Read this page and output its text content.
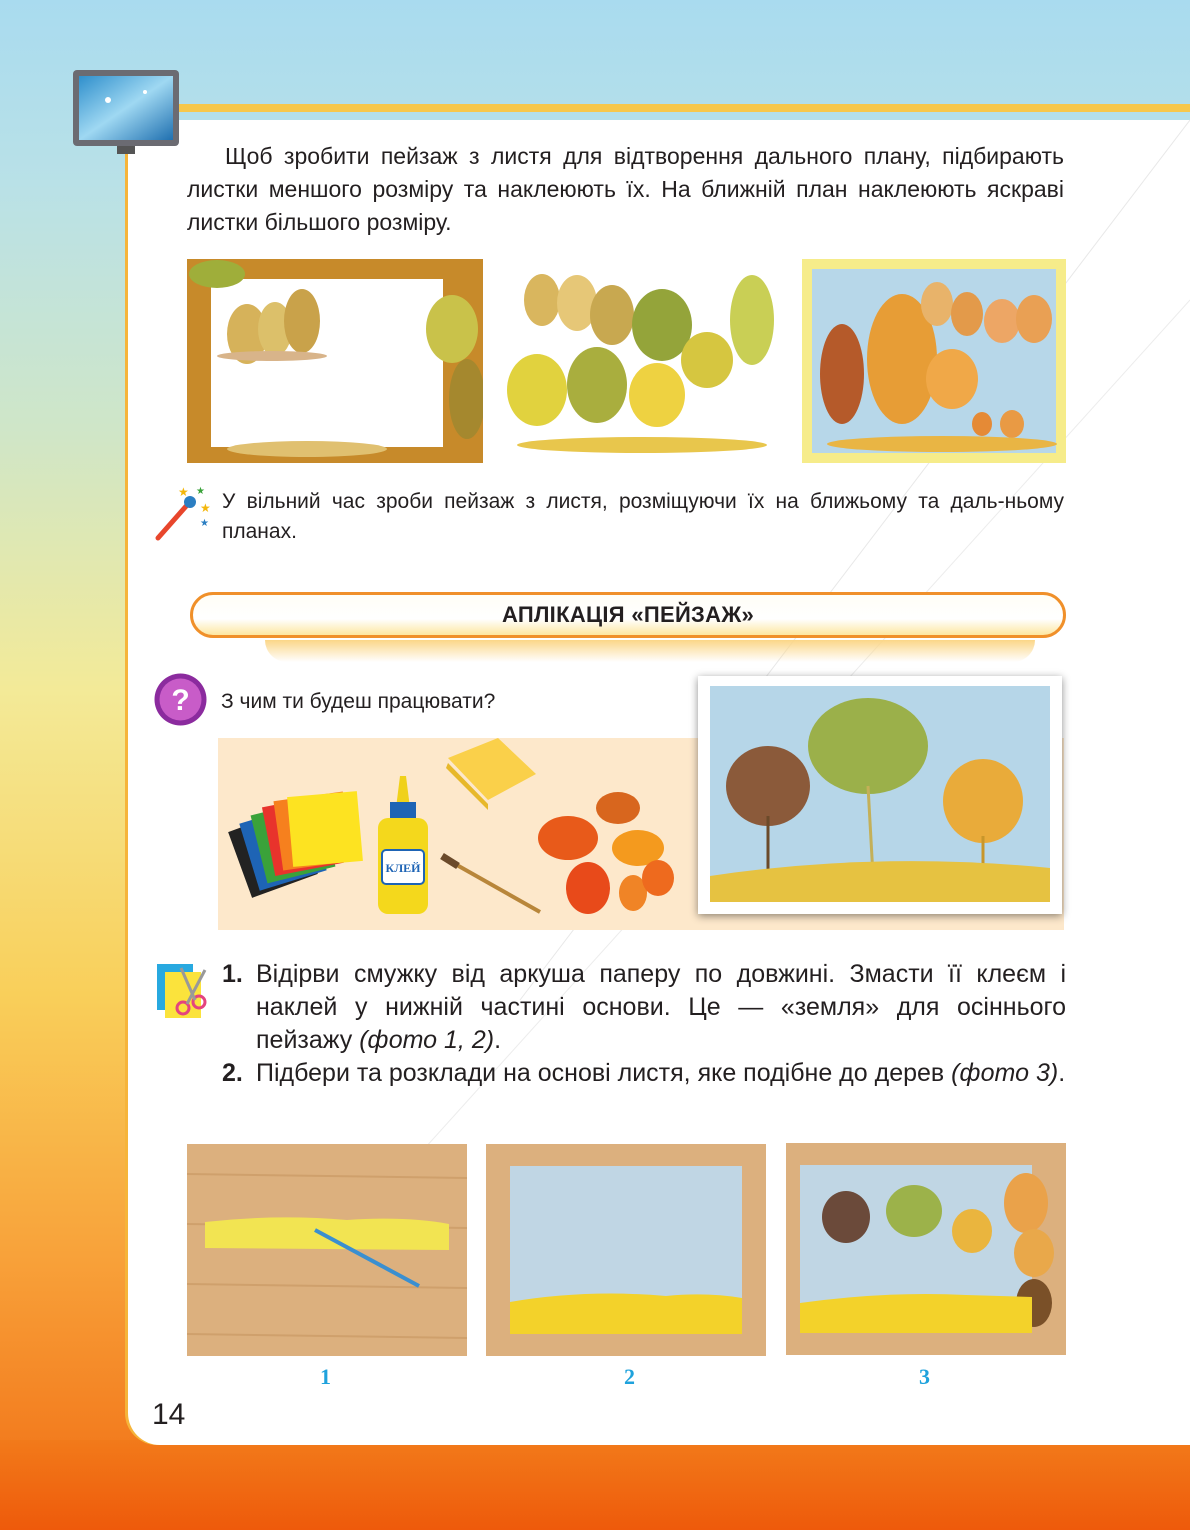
Щоб зробити пейзаж з листя для відтворення дального плану, підбирають листки меншого розміру та наклеюють їх. На ближній план наклеюють яскраві листки більшого розміру.

★ ★
★
★

У вільний час зроби пейзаж з листя, розміщуючи їх на ближьому та даль-ньому планах.

АПЛІКАЦІЯ «ПЕЙЗАЖ»
? З чим ти будеш працювати?

КЛЕЙ
1. Відірви смужку від аркуша паперу по довжині. Змасти її клеєм і наклей у нижній частині основи. Це — «земля» для осіннього пейзажу (фото 1, 2).
2. Підбери та розклади на основі листя, яке подібне до дерев (фото 3).
1	2	3
14
